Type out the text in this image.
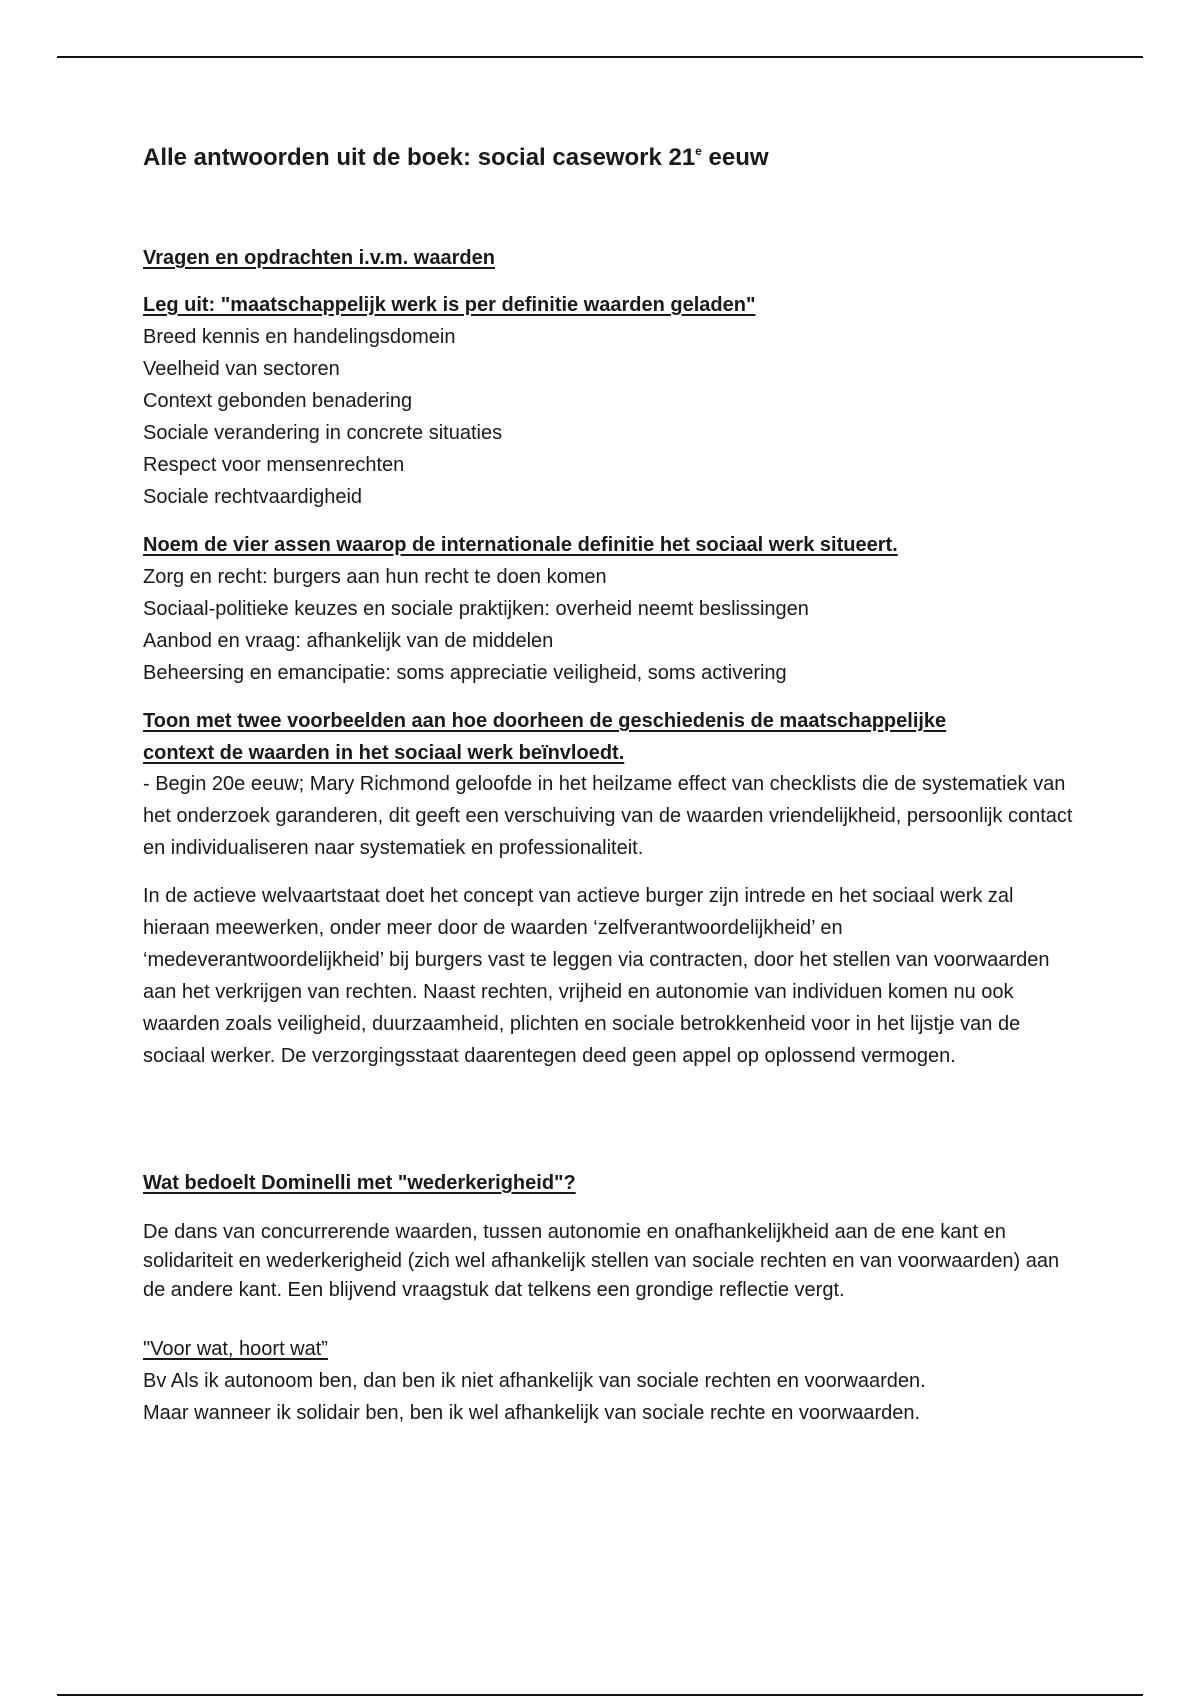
Alle antwoorden uit de boek: social casework 21e eeuw

Vragen en opdrachten i.v.m. waarden

Leg uit: "maatschappelijk werk is per definitie waarden geladen"

Breed kennis en handelingsdomein

Veelheid van sectoren

Context gebonden benadering

Sociale verandering in concrete situaties

Respect voor mensenrechten

Sociale rechtvaardigheid

Noem de vier assen waarop de internationale definitie het sociaal werk situeert.

Zorg en recht: burgers aan hun recht te doen komen

Sociaal-politieke keuzes en sociale praktijken: overheid neemt beslissingen

Aanbod en vraag: afhankelijk van de middelen

Beheersing en emancipatie: soms appreciatie veiligheid, soms activering

Toon met twee voorbeelden aan hoe doorheen de geschiedenis de maatschappelijke

context de waarden in het sociaal werk beïnvloedt.

- Begin 20e eeuw; Mary Richmond geloofde in het heilzame effect van checklists die de systematiek van het onderzoek garanderen, dit geeft een verschuiving van de waarden vriendelijkheid, persoonlijk contact en individualiseren naar systematiek en professionaliteit.

In de actieve welvaartstaat doet het concept van actieve burger zijn intrede en het sociaal werk zal hieraan meewerken, onder meer door de waarden ‘zelfverantwoordelijkheid’ en ‘medeverantwoordelijkheid’ bij burgers vast te leggen via contracten, door het stellen van voorwaarden aan het verkrijgen van rechten. Naast rechten, vrijheid en autonomie van individuen komen nu ook waarden zoals veiligheid, duurzaamheid, plichten en sociale betrokkenheid voor in het lijstje van de sociaal werker. De verzorgingsstaat daarentegen deed geen appel op oplossend vermogen.

Wat bedoelt Dominelli met "wederkerigheid"?

De dans van concurrerende waarden, tussen autonomie en onafhankelijkheid aan de ene kant en solidariteit en wederkerigheid (zich wel afhankelijk stellen van sociale rechten en van voorwaarden) aan de andere kant. Een blijvend vraagstuk dat telkens een grondige reflectie vergt.

"Voor wat, hoort wat”

Bv Als ik autonoom ben, dan ben ik niet afhankelijk van sociale rechten en voorwaarden.

Maar wanneer ik solidair ben, ben ik wel afhankelijk van sociale rechte en voorwaarden.
